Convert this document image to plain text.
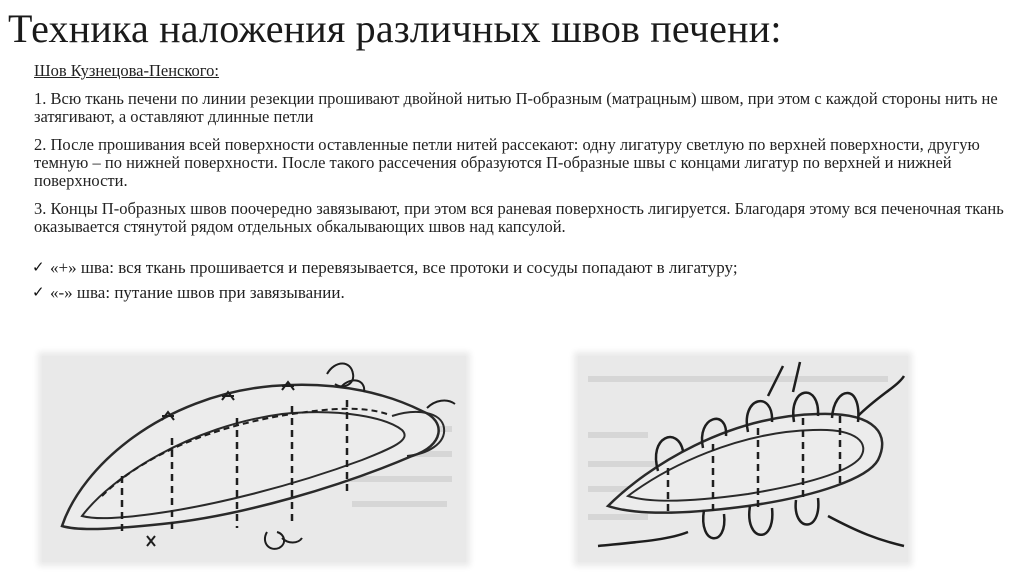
Техника наложения различных швов печени:
Шов Кузнецова-Пенского:
1. Всю ткань печени по линии резекции прошивают двойной нитью П-образным (матрацным) швом, при этом с каждой стороны нить не затягивают, а оставляют длинные петли
2. После прошивания всей поверхности оставленные петли нитей рассекают: одну лигатуру светлую по верхней поверхности, другую темную – по нижней поверхности. После такого рассечения образуются П-образные швы с концами лигатур по верхней и нижней поверхности.
3. Концы П-образных швов поочередно завязывают, при этом вся раневая поверхность лигируется. Благодаря этому вся печеночная ткань оказывается стянутой рядом отдельных обкалывающих швов над капсулой.
✓ «+» шва: вся ткань прошивается и перевязывается, все протоки и сосуды попадают в лигатуру;
✓ «-» шва: путание швов при завязывании.
